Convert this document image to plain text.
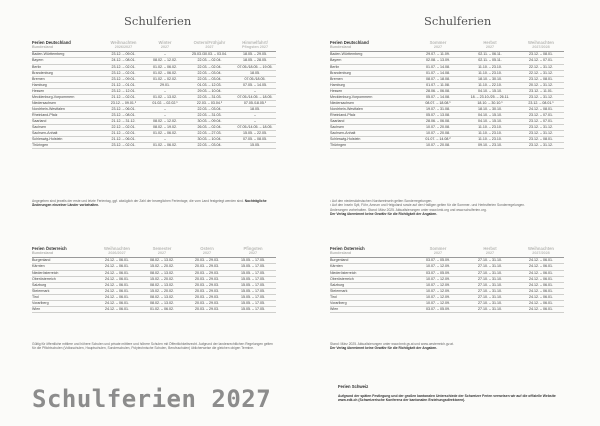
Schulferien
Ferien Deutschland	Weihnachten	Winter	Ostern/Frühjahr	Himmelfahrt/
Bundesland	2026/2027	2027	2027	Pfingsten 2027
Baden-Württemberg	23.12. – 09.01.	–	25.03./30.03. – 03.04.	18.05. – 29.05.
Bayern	24.12. – 08.01.	08.02. – 12.02.	22.03. – 02.04.	18.05. – 28.05.
Berlin	23.12. – 02.01.	01.02. – 06.02.	22.03. – 02.04.	07.05./18.05. – 19.05.
Brandenburg	23.12. – 02.01.	01.02. – 06.02.	22.03. – 03.04.	18.05.
Bremen	23.12. – 09.01.	01.02. – 02.02.	22.03. – 03.04.	07.05./18.05.
Hamburg	21.12. – 01.01.	29.01.	01.03. – 12.03.	07.05. – 14.05.
Hessen	23.12. – 12.01.	–	29.03. – 10.04.	–
Mecklenburg-Vorpommern	21.12. – 02.01.	01.02. – 13.02.	22.03. – 31.03.	07.05./14.05. – 18.05.
Niedersachsen	23.12. – 09.01.¹	01.02. – 02.02.¹	22.03. – 03.04.¹	07.05./18.05.¹
Nordrhein-Westfalen	23.12. – 06.01.	–	22.03. – 03.04.	18.05.
Rheinland-Pfalz	23.12. – 08.01.	–	22.03. – 31.03.	–
Saarland	21.12. – 31.12.	08.02. – 12.02.	30.03. – 09.04.	–
Sachsen	22.12. – 02.01.	08.02. – 19.02.	26.03. – 02.04.	07.05./14.05. – 18.05.
Sachsen-Anhalt	21.12. – 02.01.	01.02. – 06.02.	22.03. – 27.03.	15.05. – 22.05.
Schleswig-Holstein	21.12. – 06.01.	–	30.03. – 10.04.	07.05. – 08.05.
Thüringen	23.12. – 02.01.	01.02. – 06.02.	22.03. – 03.04.	15.05.
Angegeben sind jeweils der erste und letzte Ferientag, ggf. abzüglich der Zahl der beweglichen Ferientage, die vom Land festgelegt werden sind. Nachträgliche Änderungen einzelner Länder vorbehalten.
Ferien Österreich	Weihnachten	Semester	Ostern	Pfingsten
Bundesland	2026/2027	2027	2027	2027
Burgenland	24.12. – 06.01.	08.02. – 13.02.	20.03. – 29.03.	15.05. – 17.05.
Kärnten	24.12. – 06.01.	15.02. – 20.02.	20.03. – 29.03.	15.05. – 17.05.
Niederösterreich	24.12. – 06.01.	08.02. – 13.02.	20.03. – 29.03.	15.05. – 17.05.
Oberösterreich	24.12. – 06.01.	15.02. – 20.02.	20.03. – 29.03.	15.05. – 17.05.
Salzburg	24.12. – 06.01.	08.02. – 13.02.	20.03. – 29.03.	15.05. – 17.05.
Steiermark	24.12. – 06.01.	15.02. – 20.02.	20.03. – 29.03.	15.05. – 17.05.
Tirol	24.12. – 06.01.	08.02. – 13.02.	20.03. – 29.03.	15.05. – 17.05.
Vorarlberg	24.12. – 06.01.	08.02. – 13.02.	20.03. – 29.03.	15.05. – 17.05.
Wien	24.12. – 06.01.	01.02. – 06.02.	20.03. – 29.03.	15.05. – 17.05.
Gültig für öffentliche mittlere und höhere Schulen und private mittlere und höhere Schulen mit Öffentlichkeitsrecht. Aufgrund der landesrechtlichen Regelungen gelten für die Pflichtschulen (Volksschulen, Hauptschulen, Sonderschulen, Polytechnische Schulen, Berufsschulen) üblicherweise die gleichen obigen Termine.
Schulferien 2027
Schulferien
Ferien Deutschland	Sommer	Herbst	Weihnachten
Bundesland	2027	2027	2027/2028
Baden-Württemberg	29.07. – 11.09.	02.11. – 06.11.	23.12. – 08.01.
Bayern	02.08. – 13.09.	02.11. – 05.11.	24.12. – 07.01.
Berlin	01.07. – 14.08.	11.10. – 23.10.	22.12. – 31.12.
Brandenburg	01.07. – 14.08.	11.10. – 23.10.	22.12. – 31.12.
Bremen	08.07. – 18.08.	18.10. – 30.10.	23.12. – 08.01.
Hamburg	01.07. – 11.08.	11.10. – 22.10.	20.12. – 31.12.
Hessen	28.06. – 06.08.	04.10. – 15.10.	23.12. – 11.01.
Mecklenburg-Vorpommern	05.07. – 14.08.	18. – 23.10./25. – 26.11.	23.12. – 31.12.
Niedersachsen	08.07. – 18.08.¹	18.10. – 30.10.¹	23.12. – 08.01.¹
Nordrhein-Westfalen	19.07. – 31.08.	18.10. – 30.10.	24.12. – 08.01.
Rheinland-Pfalz	05.07. – 13.08.	04.10. – 15.10.	23.12. – 07.01.
Saarland	28.06. – 06.08.	04.10. – 15.10.	23.12. – 07.01.
Sachsen	10.07. – 20.08.	11.10. – 23.10.	23.12. – 31.12.
Sachsen-Anhalt	10.07. – 20.08.	11.10. – 23.10.	23.12. – 31.12.
Schleswig-Holstein	01.07. – 14.08.²	11.10. – 23.10.	23.12. – 08.01.
Thüringen	10.07. – 20.08.	09.10. – 23.10.	23.12. – 31.12.
¹ Auf den niedersächsischen Nordseeinseln gelten Sonderregelungen.
² Auf den Inseln Sylt, Föhr, Amrum und Helgoland sowie auf den Halligen gelten für die Sommer- und Herbstferien Sonderregelungen.
Änderungen vorbehalten. Stand: März 2025. Aktualisierungen unter www.kmk.org und www.schulferien.org.
Der Verlag übernimmt keine Gewähr für die Richtigkeit der Angaben.
Ferien Österreich	Sommer	Herbst	Weihnachten
Bundesland	2027	2027	2027/2028
Burgenland	03.07. – 05.09.	27.10. – 31.10.	24.12. – 06.01.
Kärnten	10.07. – 12.09.	27.10. – 31.10.	24.12. – 06.01.
Niederösterreich	03.07. – 05.09.	27.10. – 31.10.	24.12. – 06.01.
Oberösterreich	10.07. – 12.09.	27.10. – 31.10.	24.12. – 06.01.
Salzburg	10.07. – 12.09.	27.10. – 31.10.	24.12. – 06.01.
Steiermark	10.07. – 12.09.	27.10. – 31.10.	24.12. – 06.01.
Tirol	10.07. – 12.09.	27.10. – 31.10.	24.12. – 06.01.
Vorarlberg	10.07. – 12.09.	27.10. – 31.10.	24.12. – 06.01.
Wien	03.07. – 05.09.	27.10. – 31.10.	24.12. – 06.01.
Stand: März 2025. Aktualisierungen unter www.bmb.gv.at und www.oesterreich.gv.at.
Der Verlag übernimmt keine Gewähr für die Richtigkeit der Angaben.
Ferien Schweiz
Aufgrund der späten Festlegung und der großen kantonalen Unterschiede der Schweizer Ferien verweisen wir auf die offizielle Website www.edk.ch (Schweizerische Konferenz der kantonalen Erziehungsdirektoren).
